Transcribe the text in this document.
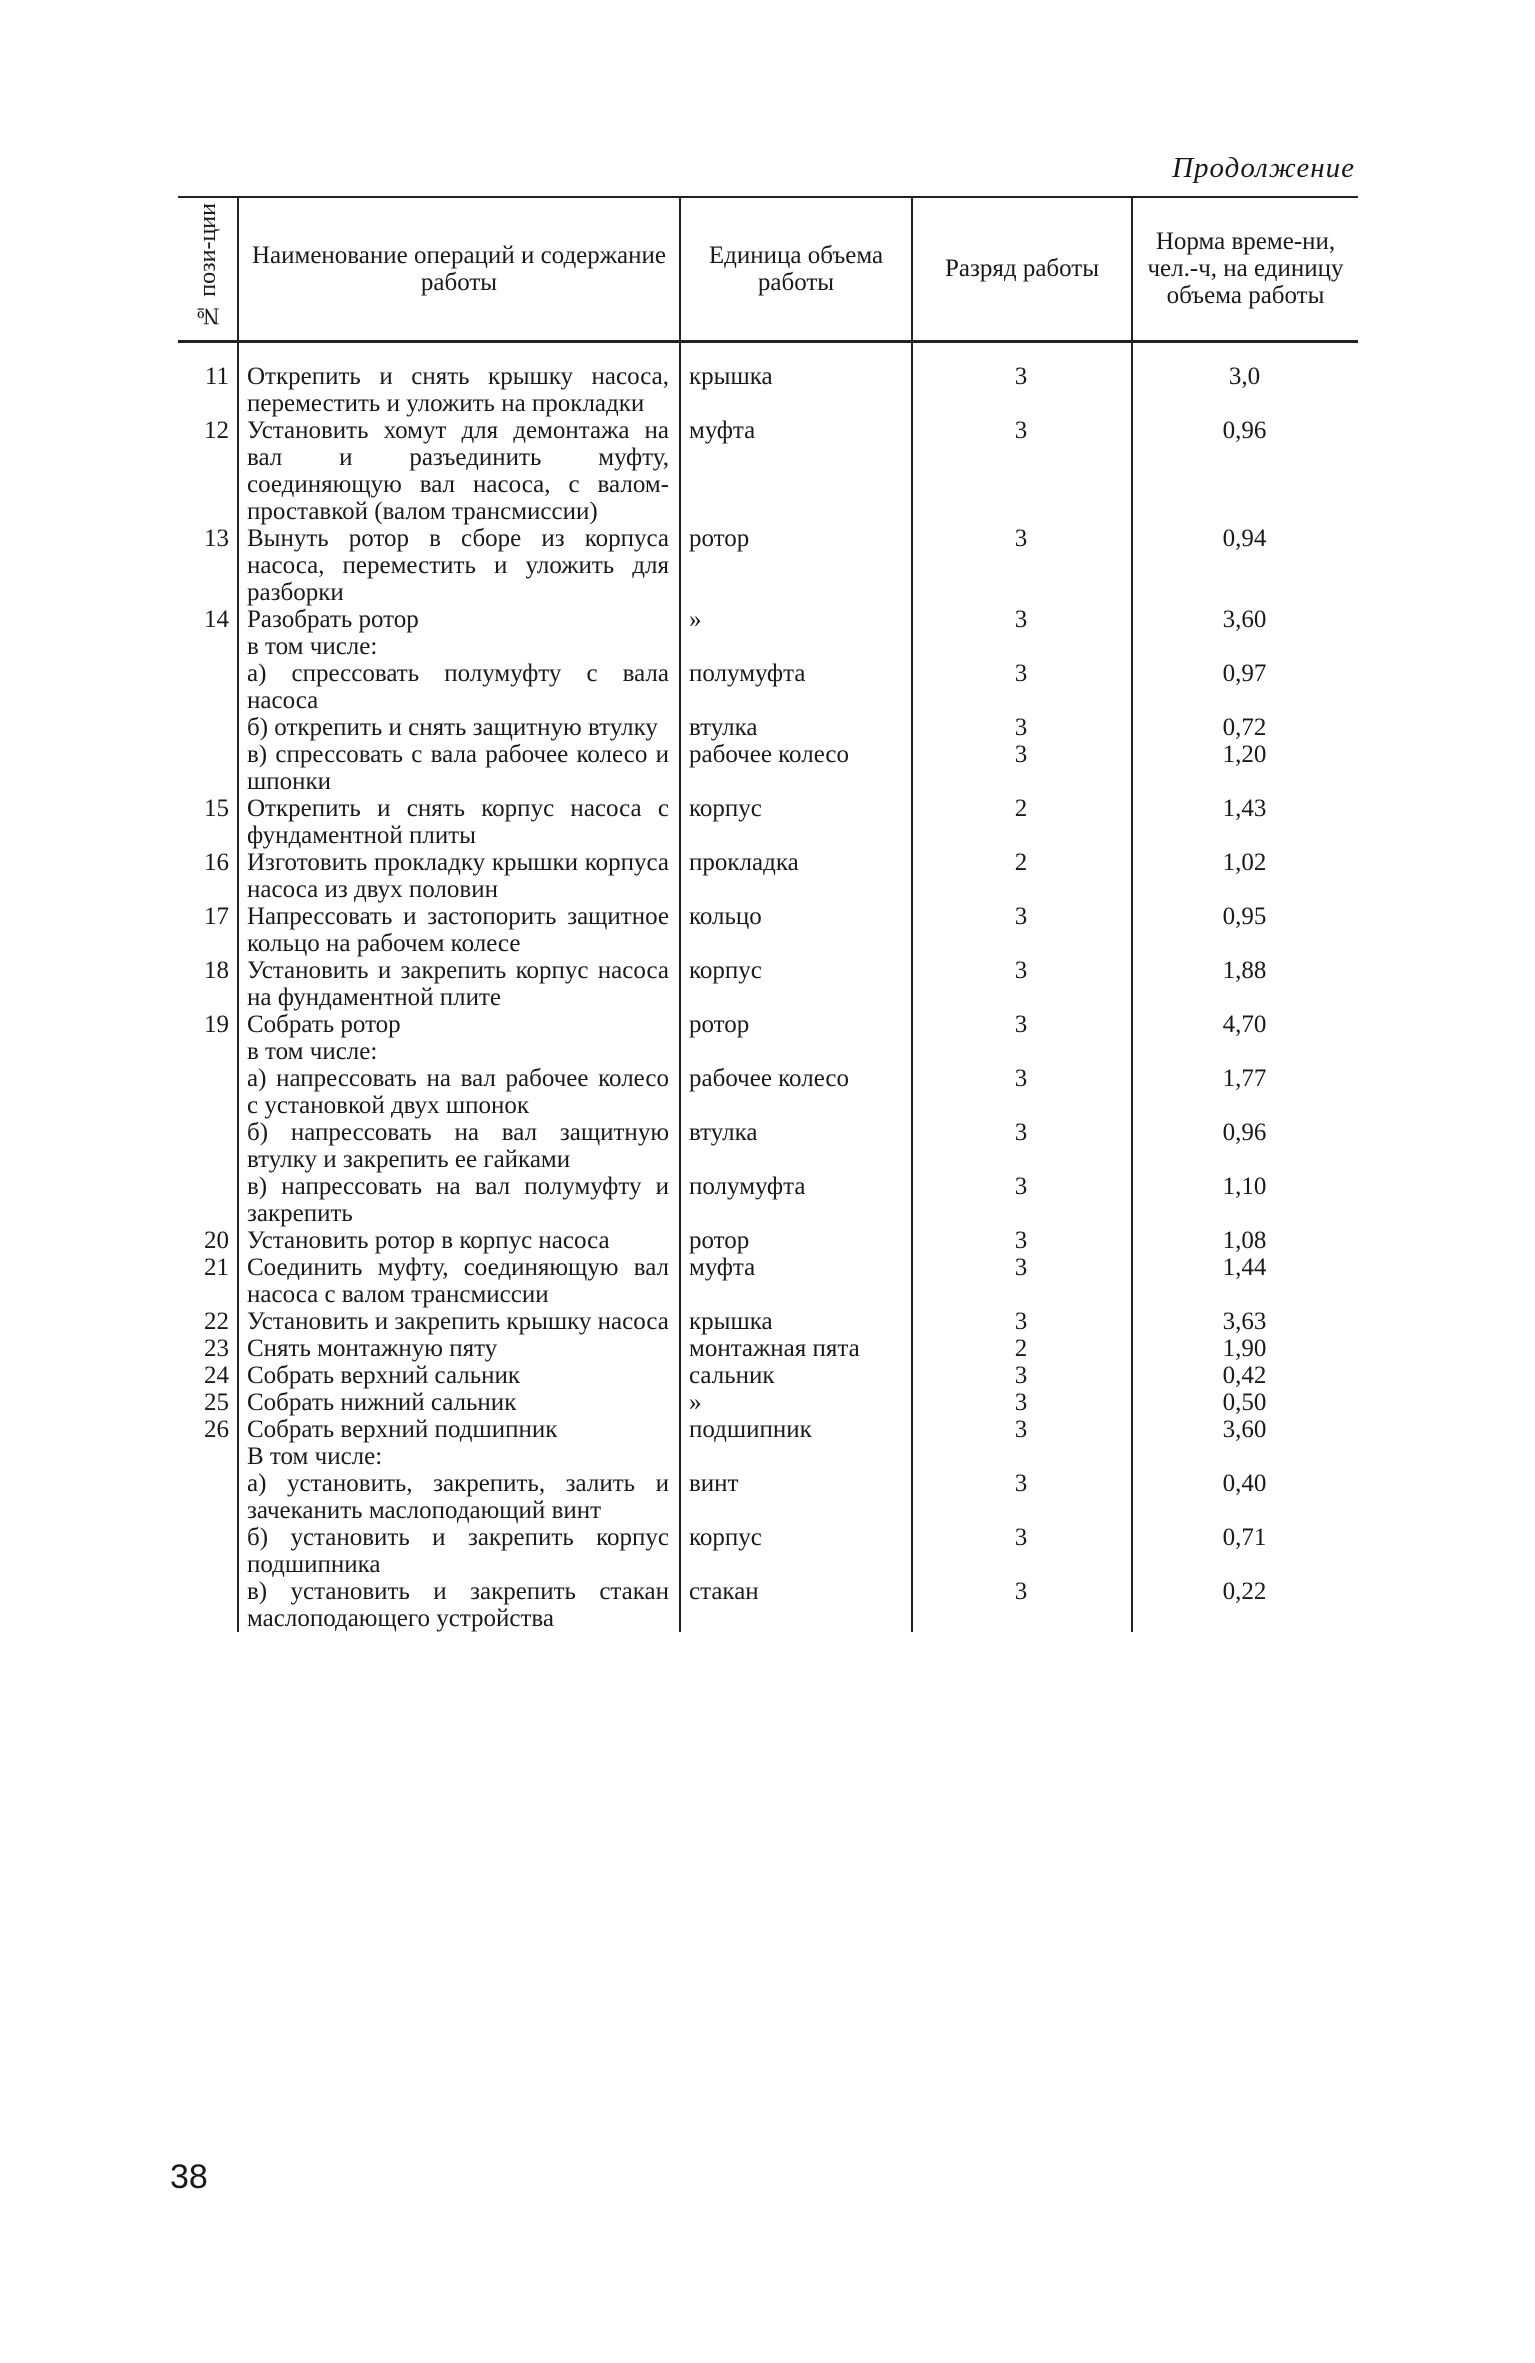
Продолжение
№ пози-ции	Наименование операций и содержание работы	Единица объема работы	Разряд работы	Норма време-ни, чел.-ч, на единицу объема работы
11	Открепить и снять крышку насоса, переместить и уложить на прокладки	крышка	3	3,0
12	Установить хомут для демонтажа на вал и разъединить муфту, соединяющую вал насоса, с валом-проставкой (валом трансмиссии)	муфта	3	0,96
13	Вынуть ротор в сборе из корпуса насоса, переместить и уложить для разборки	ротор	3	0,94
14	Разобрать ротор	»	3	3,60
	в том числе:			
	а) спрессовать полумуфту с вала насоса	полумуфта	3	0,97
	б) открепить и снять защитную втулку	втулка	3	0,72
	в) спрессовать с вала рабочее колесо и шпонки	рабочее колесо	3	1,20
15	Открепить и снять корпус насоса с фундаментной плиты	корпус	2	1,43
16	Изготовить прокладку крышки корпуса насоса из двух половин	прокладка	2	1,02
17	Напрессовать и застопорить защитное кольцо на рабочем колесе	кольцо	3	0,95
18	Установить и закрепить корпус насоса на фундаментной плите	корпус	3	1,88
19	Собрать ротор	ротор	3	4,70
	в том числе:			
	а) напрессовать на вал рабочее колесо с установкой двух шпонок	рабочее колесо	3	1,77
	б) напрессовать на вал защитную втулку и закрепить ее гайками	втулка	3	0,96
	в) напрессовать на вал полумуфту и закрепить	полумуфта	3	1,10
20	Установить ротор в корпус насоса	ротор	3	1,08
21	Соединить муфту, соединяющую вал насоса с валом трансмиссии	муфта	3	1,44
22	Установить и закрепить крышку насоса	крышка	3	3,63
23	Снять монтажную пяту	монтажная пята	2	1,90
24	Собрать верхний сальник	сальник	3	0,42
25	Собрать нижний сальник	»	3	0,50
26	Собрать верхний подшипник	подшипник	3	3,60
	В том числе:			
	а) установить, закрепить, залить и зачеканить маслоподающий винт	винт	3	0,40
	б) установить и закрепить корпус подшипника	корпус	3	0,71
	в) установить и закрепить стакан маслоподающего устройства	стакан	3	0,22
38
